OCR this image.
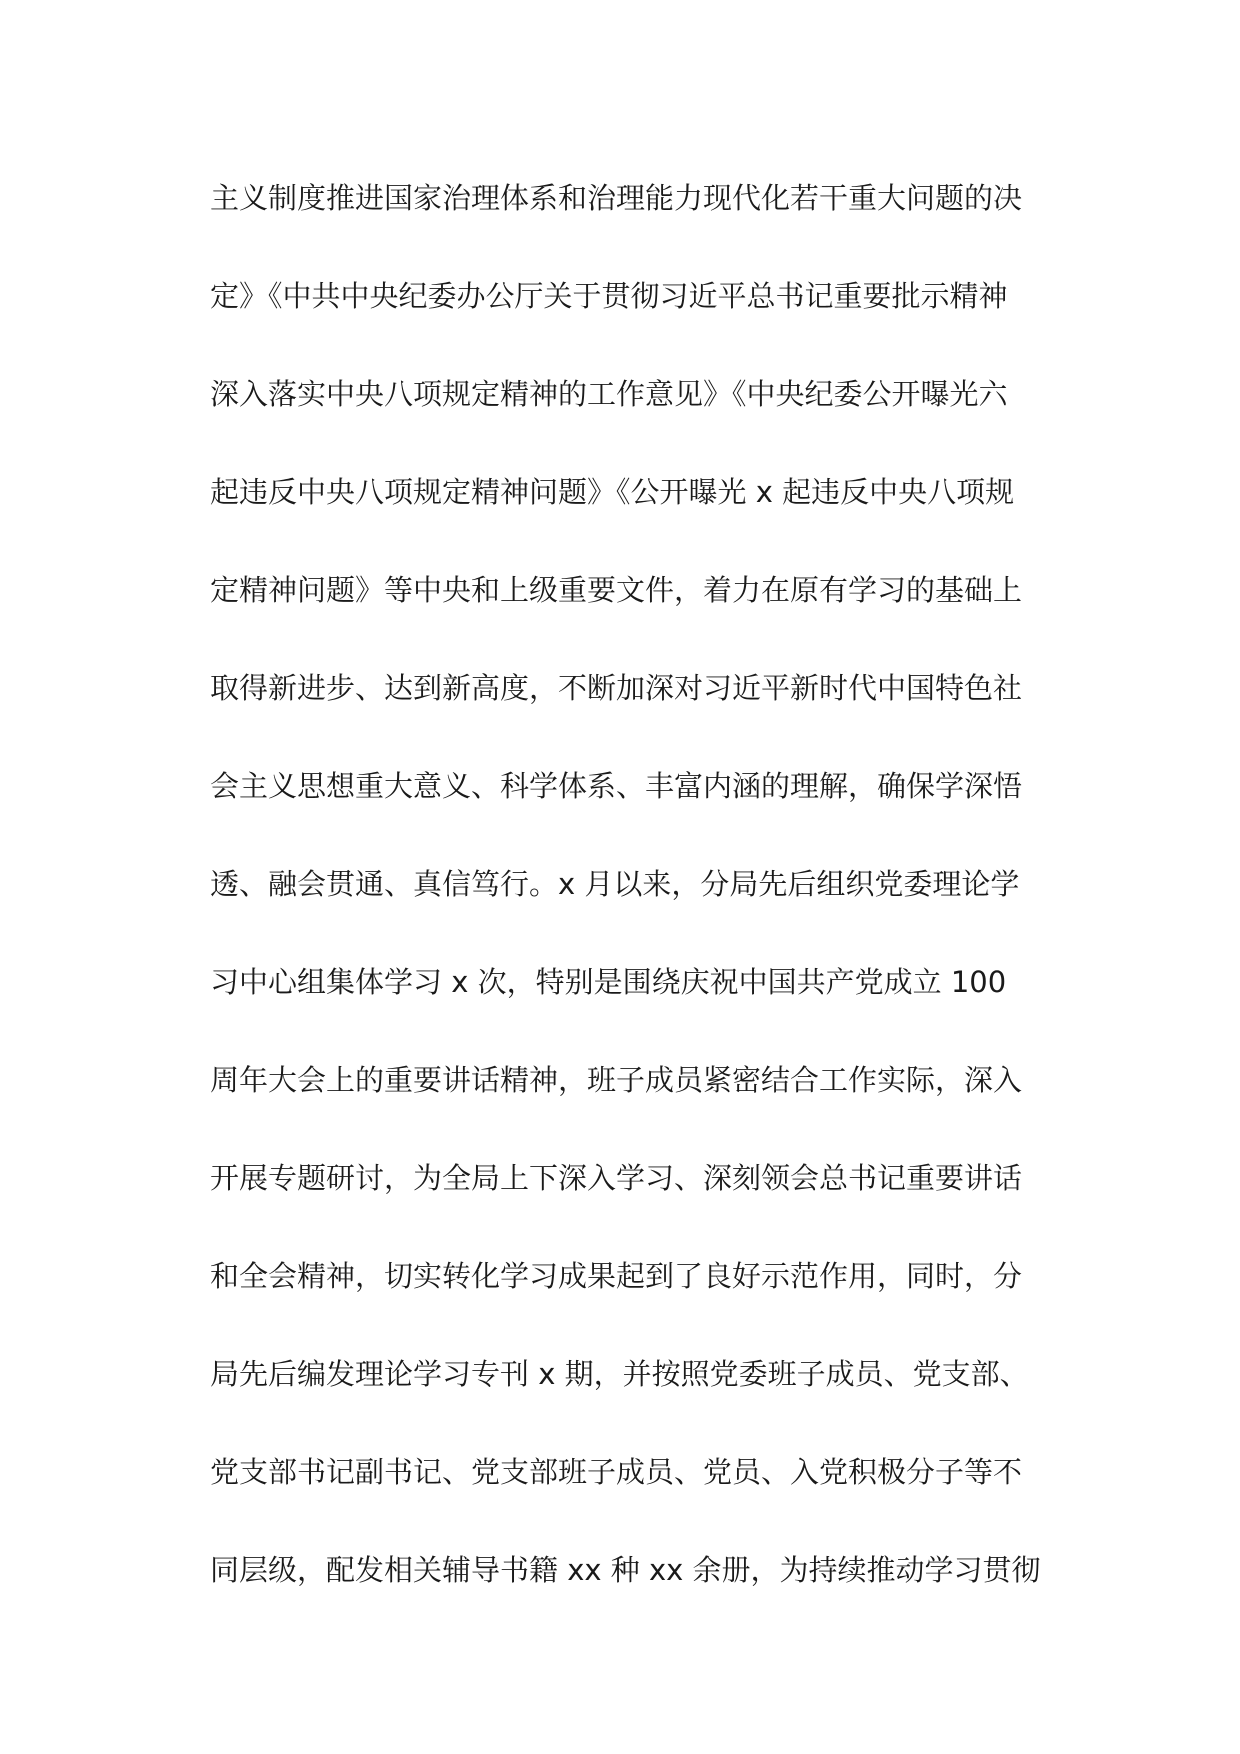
主义制度推进国家治理体系和治理能力现代化若干重大问题的决
定》《中共中央纪委办公厅关于贯彻习近平总书记重要批示精神
深入落实中央八项规定精神的工作意见》《中央纪委公开曝光六
起违反中央八项规定精神问题》《公开曝光 x 起违反中央八项规
定精神问题》等中央和上级重要文件，着力在原有学习的基础上
取得新进步、达到新高度，不断加深对习近平新时代中国特色社
会主义思想重大意义、科学体系、丰富内涵的理解，确保学深悟
透、融会贯通、真信笃行。x 月以来，分局先后组织党委理论学
习中心组集体学习 x 次，特别是围绕庆祝中国共产党成立 100
周年大会上的重要讲话精神，班子成员紧密结合工作实际，深入
开展专题研讨，为全局上下深入学习、深刻领会总书记重要讲话
和全会精神，切实转化学习成果起到了良好示范作用，同时，分
局先后编发理论学习专刊 x 期，并按照党委班子成员、党支部、
党支部书记副书记、党支部班子成员、党员、入党积极分子等不
同层级，配发相关辅导书籍 xx 种 xx 余册，为持续推动学习贯彻
